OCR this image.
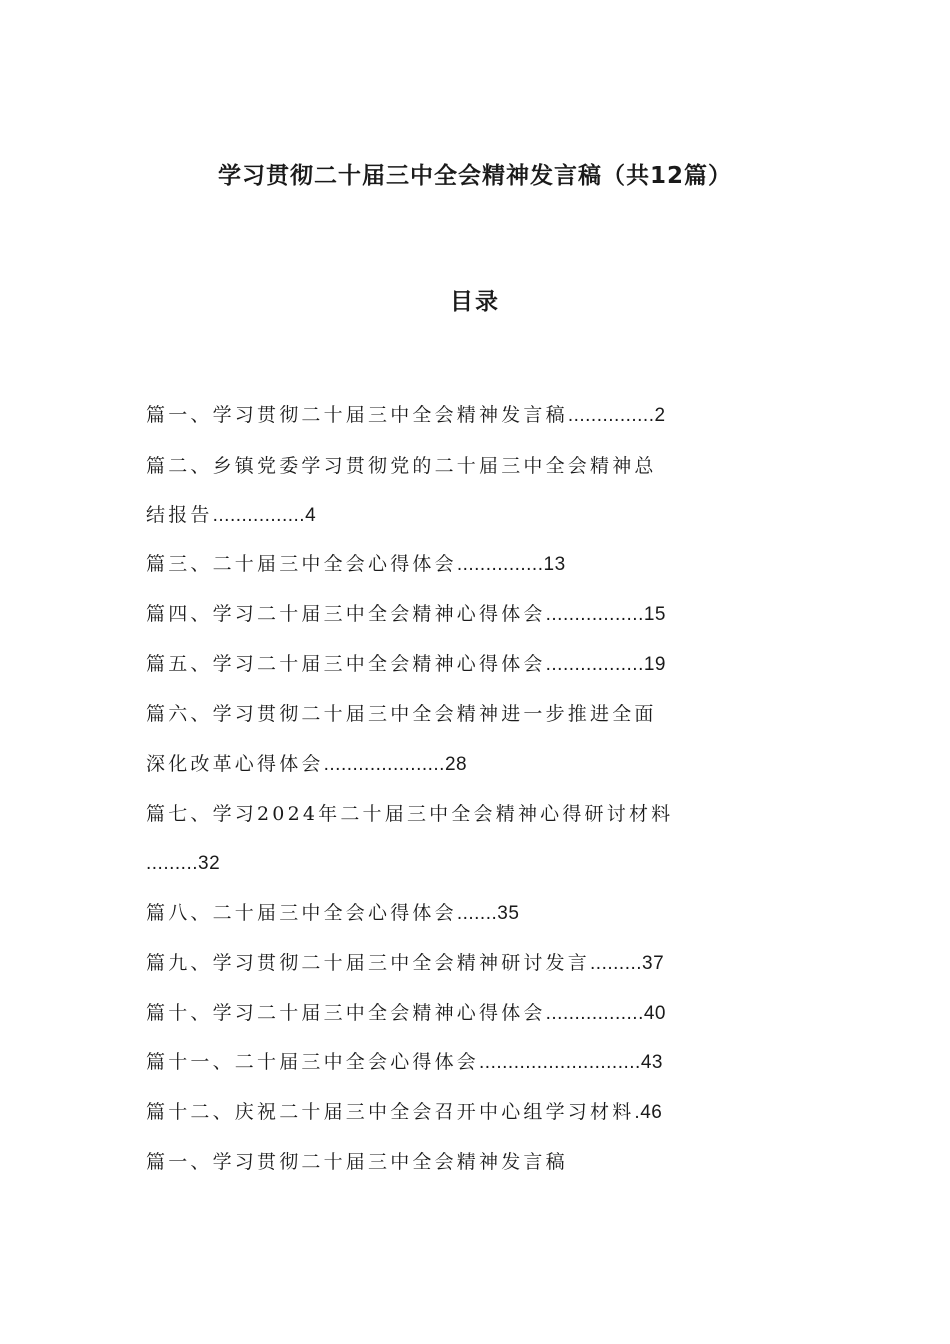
学习贯彻二十届三中全会精神发言稿（共12篇）
目录
篇一、学习贯彻二十届三中全会精神发言稿...............2
篇二、乡镇党委学习贯彻党的二十届三中全会精神总
结报告................4
篇三、二十届三中全会心得体会...............13
篇四、学习二十届三中全会精神心得体会.................15
篇五、学习二十届三中全会精神心得体会.................19
篇六、学习贯彻二十届三中全会精神进一步推进全面
深化改革心得体会.....................28
篇七、学习2024年二十届三中全会精神心得研讨材料
.........32
篇八、二十届三中全会心得体会.......35
篇九、学习贯彻二十届三中全会精神研讨发言.........37
篇十、学习二十届三中全会精神心得体会.................40
篇十一、二十届三中全会心得体会............................43
篇十二、庆祝二十届三中全会召开中心组学习材料.46
篇一、学习贯彻二十届三中全会精神发言稿
